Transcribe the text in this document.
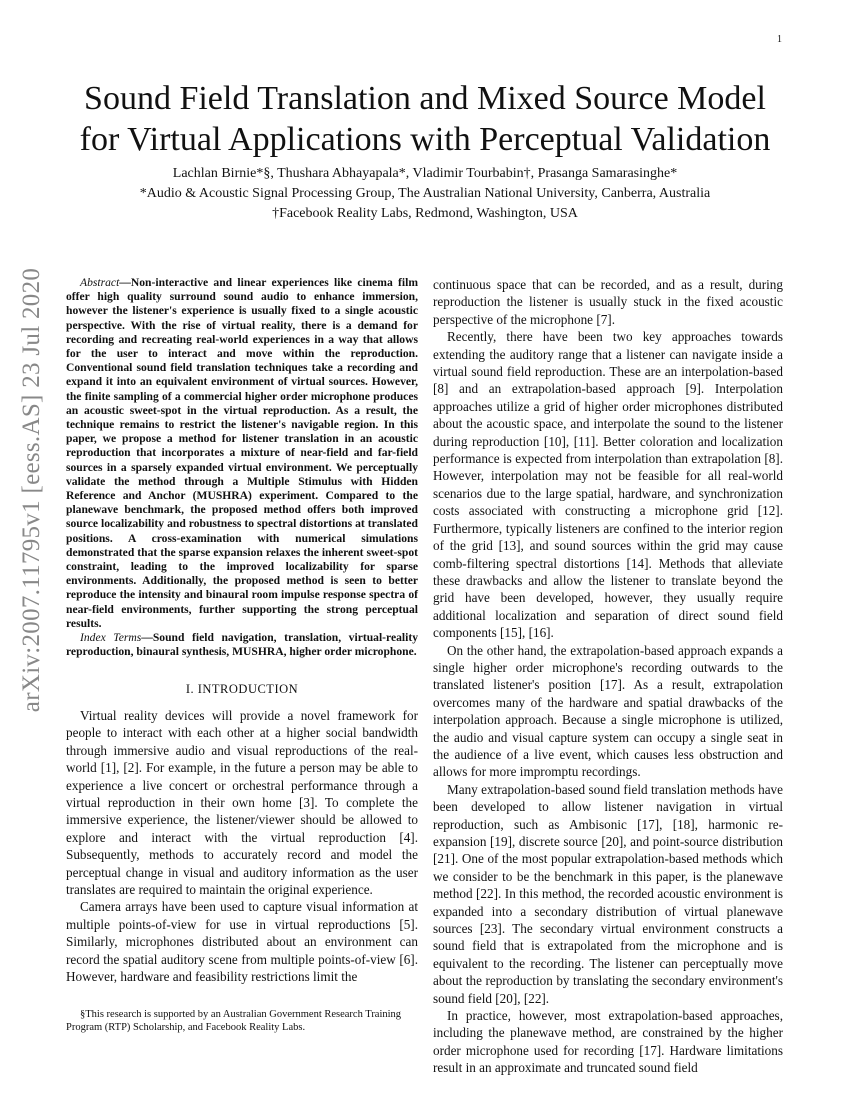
1
arXiv:2007.11795v1 [eess.AS] 23 Jul 2020
Sound Field Translation and Mixed Source Model for Virtual Applications with Perceptual Validation
Lachlan Birnie*§, Thushara Abhayapala*, Vladimir Tourbabin†, Prasanga Samarasinghe*
*Audio & Acoustic Signal Processing Group, The Australian National University, Canberra, Australia
†Facebook Reality Labs, Redmond, Washington, USA

Abstract—Non-interactive and linear experiences like cinema film offer high quality surround sound audio to enhance immersion, however the listener's experience is usually fixed to a single acoustic perspective. With the rise of virtual reality, there is a demand for recording and recreating real-world experiences in a way that allows for the user to interact and move within the reproduction. Conventional sound field translation techniques take a recording and expand it into an equivalent environment of virtual sources. However, the finite sampling of a commercial higher order microphone produces an acoustic sweet-spot in the virtual reproduction. As a result, the technique remains to restrict the listener's navigable region. In this paper, we propose a method for listener translation in an acoustic reproduction that incorporates a mixture of near-field and far-field sources in a sparsely expanded virtual environment. We perceptually validate the method through a Multiple Stimulus with Hidden Reference and Anchor (MUSHRA) experiment. Compared to the planewave benchmark, the proposed method offers both improved source localizability and robustness to spectral distortions at translated positions. A cross-examination with numerical simulations demonstrated that the sparse expansion relaxes the inherent sweet-spot constraint, leading to the improved localizability for sparse environments. Additionally, the proposed method is seen to better reproduce the intensity and binaural room impulse response spectra of near-field environments, further supporting the strong perceptual results.

Index Terms—Sound field navigation, translation, virtual-reality reproduction, binaural synthesis, MUSHRA, higher order microphone.

I. INTRODUCTION

Virtual reality devices will provide a novel framework for people to interact with each other at a higher social bandwidth through immersive audio and visual reproductions of the real-world [1], [2]. For example, in the future a person may be able to experience a live concert or orchestral performance through a virtual reproduction in their own home [3]. To complete the immersive experience, the listener/viewer should be allowed to explore and interact with the virtual reproduction [4]. Subsequently, methods to accurately record and model the perceptual change in visual and auditory information as the user translates are required to maintain the original experience.

Camera arrays have been used to capture visual information at multiple points-of-view for use in virtual reproductions [5]. Similarly, microphones distributed about an environment can record the spatial auditory scene from multiple points-of-view [6]. However, hardware and feasibility restrictions limit the

§This research is supported by an Australian Government Research Training Program (RTP) Scholarship, and Facebook Reality Labs.

continuous space that can be recorded, and as a result, during reproduction the listener is usually stuck in the fixed acoustic perspective of the microphone [7].

Recently, there have been two key approaches towards extending the auditory range that a listener can navigate inside a virtual sound field reproduction. These are an interpolation-based [8] and an extrapolation-based approach [9]. Interpolation approaches utilize a grid of higher order microphones distributed about the acoustic space, and interpolate the sound to the listener during reproduction [10], [11]. Better coloration and localization performance is expected from interpolation than extrapolation [8]. However, interpolation may not be feasible for all real-world scenarios due to the large spatial, hardware, and synchronization costs associated with constructing a microphone grid [12]. Furthermore, typically listeners are confined to the interior region of the grid [13], and sound sources within the grid may cause comb-filtering spectral distortions [14]. Methods that alleviate these drawbacks and allow the listener to translate beyond the grid have been developed, however, they usually require additional localization and separation of direct sound field components [15], [16].

On the other hand, the extrapolation-based approach expands a single higher order microphone's recording outwards to the translated listener's position [17]. As a result, extrapolation overcomes many of the hardware and spatial drawbacks of the interpolation approach. Because a single microphone is utilized, the audio and visual capture system can occupy a single seat in the audience of a live event, which causes less obstruction and allows for more impromptu recordings.

Many extrapolation-based sound field translation methods have been developed to allow listener navigation in virtual reproduction, such as Ambisonic [17], [18], harmonic re-expansion [19], discrete source [20], and point-source distribution [21]. One of the most popular extrapolation-based methods which we consider to be the benchmark in this paper, is the planewave method [22]. In this method, the recorded acoustic environment is expanded into a secondary distribution of virtual planewave sources [23]. The secondary virtual environment constructs a sound field that is extrapolated from the microphone and is equivalent to the recording. The listener can perceptually move about the reproduction by translating the secondary environment's sound field [20], [22].

In practice, however, most extrapolation-based approaches, including the planewave method, are constrained by the higher order microphone used for recording [17]. Hardware limitations result in an approximate and truncated sound field
